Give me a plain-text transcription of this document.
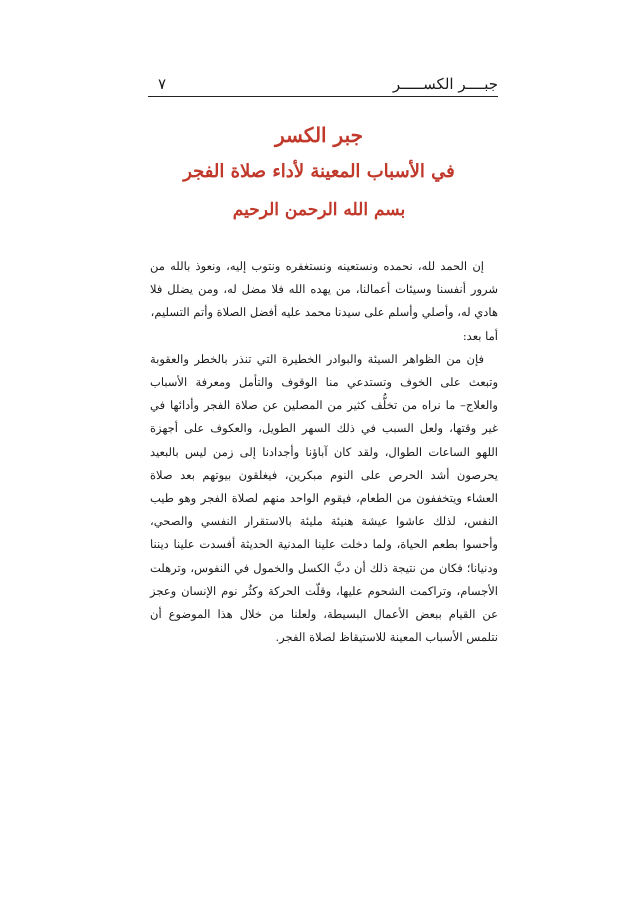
جبــــر الكســـــر
٧
جبر الكسر
في الأسباب المعينة لأداء صلاة الفجر
بسم الله الرحمن الرحيم

إن الحمد لله، نحمده ونستعينه ونستغفره ونتوب إليه، ونعوذ بالله من شرور أنفسنا وسيئات أعمالنا، من يهده الله فلا مضل له، ومن يضلل فلا هادي له، وأصلي وأسلم على سيدنا محمد عليه أفضل الصلاة وأتم التسليم،

أما بعد:

فإن من الظواهر السيئة والبوادر الخطيرة التي تنذر بالخطر والعقوبة وتبعث على الخوف وتستدعي منا الوقوف والتأمل ومعرفة الأسباب والعلاج– ما نراه من تخلُّف كثير من المصلين عن صلاة الفجر وأدائها في غير وقتها، ولعل السبب في ذلك السهر الطويل، والعكوف على أجهزة اللهو الساعات الطوال، ولقد كان آباؤنا وأجدادنا إلى زمن ليس بالبعيد يحرصون أشد الحرص على النوم مبكرين، فيغلقون بيوتهم بعد صلاة العشاء ويتخففون من الطعام، فيقوم الواحد منهم لصلاة الفجر وهو طيب النفس، لذلك عاشوا عيشة هنيئة مليئة بالاستقرار النفسي والصحي، وأحسوا بطعم الحياة، ولما دخلت علينا المدنية الحديثة أفسدت علينا ديننا ودنيانا؛ فكان من نتيجة ذلك أن دبَّ الكسل والخمول في النفوس، وترهلت الأجسام، وتراكمت الشحوم عليها، وقلّت الحركة وكثُر نوم الإنسان وعجز عن القيام ببعض الأعمال البسيطة، ولعلنا من خلال هذا الموضوع أن نتلمس الأسباب المعينة للاستيقاظ لصلاة الفجر.
